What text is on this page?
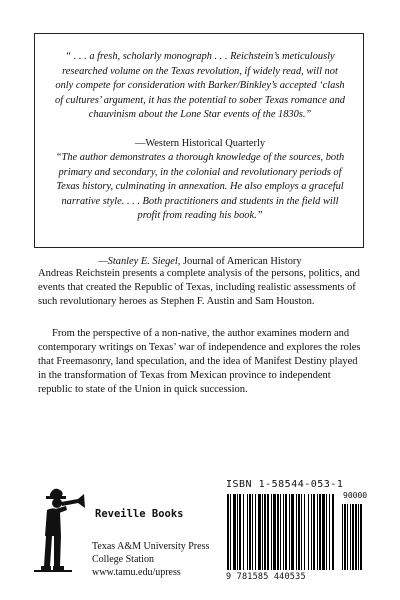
“ . . . a fresh, scholarly monograph . . . Reichstein’s meticulously researched volume on the Texas revolution, if widely read, will not only compete for consideration with Barker/Binkley’s accepted ‘clash of cultures’ argument, it has the potential to sober Texas romance and chauvinism about the Lone Star events of the 1830s.”

—Western Historical Quarterly

“The author demonstrates a thorough knowledge of the sources, both primary and secondary, in the colonial and revolutionary periods of Texas history, culminating in annexation. He also employs a graceful narrative style. . . . Both practitioners and students in the field will profit from reading his book.”

—Stanley E. Siegel, Journal of American History

Andreas Reichstein presents a complete analysis of the persons, politics, and events that created the Republic of Texas, including realistic assessments of such revolutionary heroes as Stephen F. Austin and Sam Houston.

From the perspective of a non-native, the author examines modern and contemporary writings on Texas’ war of independence and explores the roles that Freemasonry, land speculation, and the idea of Manifest Destiny played in the transformation of Texas from Mexican province to independent republic to state of the Union in quick succession.

Reveille Books
Texas A&M University Press
College Station
www.tamu.edu/upress
ISBN 1-58544-053-1
90000
9 781585 440535
